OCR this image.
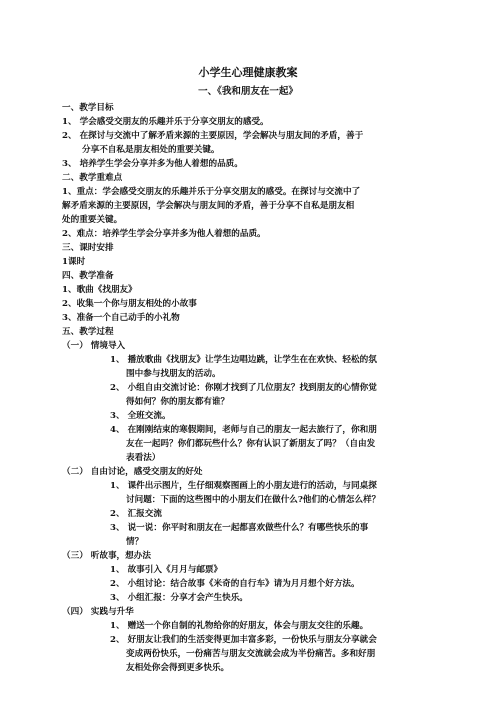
小学生心理健康教案
一、《我和朋友在一起》
一、教学目标
1、 学会感受交朋友的乐趣并乐于分享交朋友的感受。
2、 在探讨与交流中了解矛盾来源的主要原因，学会解决与朋友间的矛盾，善于
分享不自私是朋友相处的重要关键。
3、 培养学生学会分享并多为他人着想的品质。
二、教学重难点
1、重点：学会感受交朋友的乐趣并乐于分享交朋友的感受。在探讨与交流中了
解矛盾来源的主要原因，学会解决与朋友间的矛盾，善于分享不自私是朋友相
处的重要关键。
2、难点：培养学生学会分享并多为他人着想的品质。
三、课时安排
1课时
四、教学准备
1、歌曲《找朋友》
2、收集一个你与朋友相处的小故事
3、准备一个自己动手的小礼物
五、教学过程
（一） 情境导入
1、 播放歌曲《找朋友》让学生边唱边跳，让学生在在欢快、轻松的氛
围中参与找朋友的活动。
2、 小组自由交流讨论：你刚才找到了几位朋友？找到朋友的心情你觉
得如何？你的朋友都有谁？
3、 全班交流。
4、 在刚刚结束的寒假期间，老师与自己的朋友一起去旅行了，你和朋
友在一起吗？你们都玩些什么？你有认识了新朋友了吗？（自由发
表看法）
（二） 自由讨论，感受交朋友的好处
1、 课件出示图片，生仔细观察图画上的小朋友进行的活动，与同桌探
讨问题：下面的这些图中的小朋友们在做什么?他们的心情怎么样？
2、 汇报交流
3、 说一说：你平时和朋友在一起都喜欢做些什么？有哪些快乐的事
情？
（三） 听故事，想办法
1、 故事引入《月月与邮票》
2、 小组讨论：结合故事《米奇的自行车》请为月月想个好方法。
3、 小组汇报：分享才会产生快乐。
（四） 实践与升华
1、 赠送一个你自制的礼物给你的好朋友，体会与朋友交往的乐趣。
2、 好朋友让我们的生活变得更加丰富多彩，一份快乐与朋友分享就会
变成两份快乐，一份痛苦与朋友交流就会成为半份痛苦。多和好朋
友相处你会得到更多快乐。
